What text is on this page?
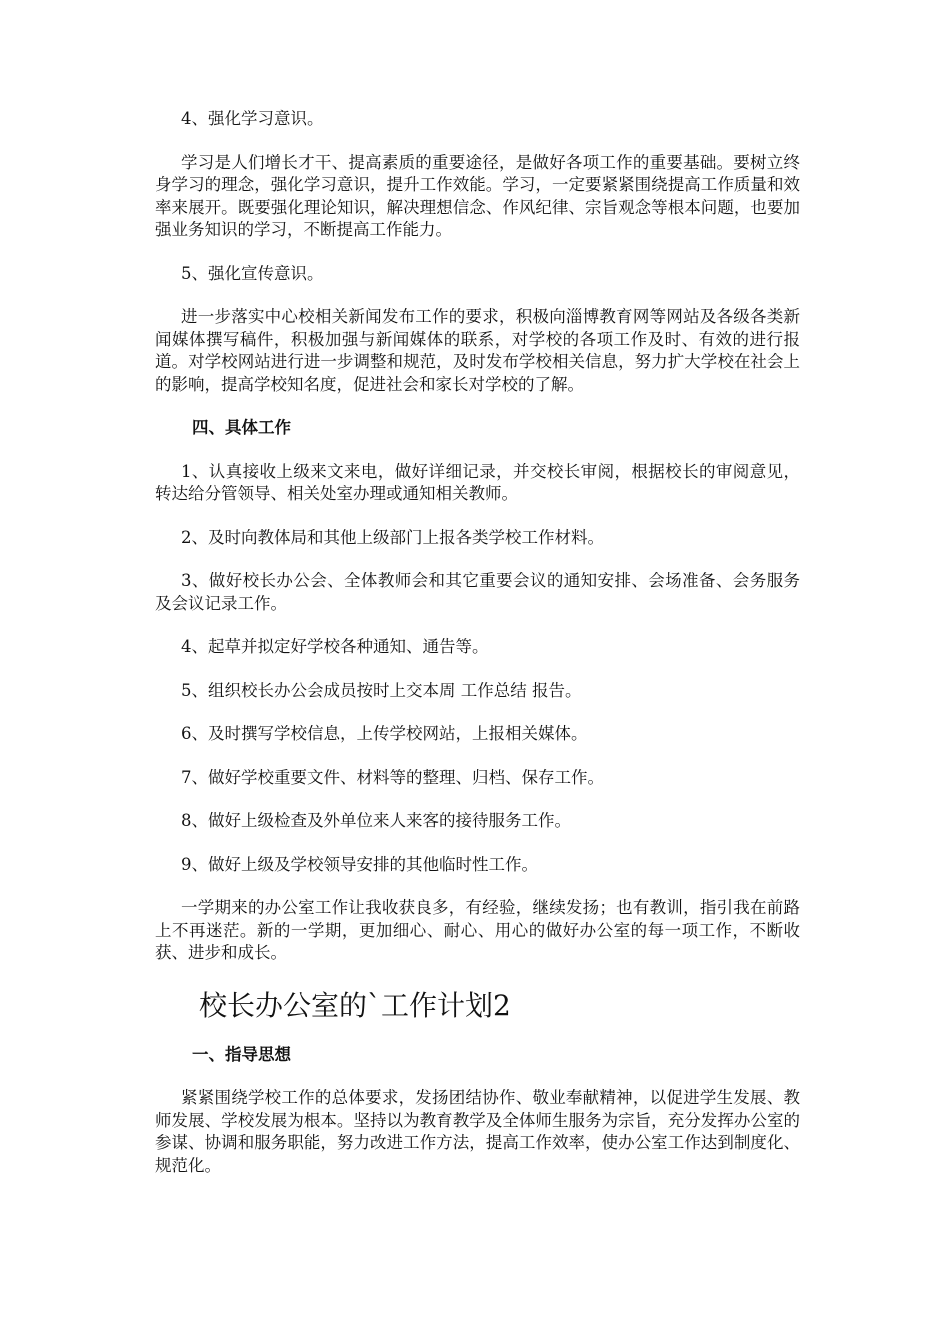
4、强化学习意识。

学习是人们增长才干、提高素质的重要途径，是做好各项工作的重要基础。要树立终身学习的理念，强化学习意识，提升工作效能。学习，一定要紧紧围绕提高工作质量和效率来展开。既要强化理论知识，解决理想信念、作风纪律、宗旨观念等根本问题，也要加强业务知识的学习，不断提高工作能力。

5、强化宣传意识。

进一步落实中心校相关新闻发布工作的要求，积极向淄博教育网等网站及各级各类新闻媒体撰写稿件，积极加强与新闻媒体的联系，对学校的各项工作及时、有效的进行报道。对学校网站进行进一步调整和规范，及时发布学校相关信息，努力扩大学校在社会上的影响，提高学校知名度，促进社会和家长对学校的了解。

四、具体工作

1、认真接收上级来文来电，做好详细记录，并交校长审阅，根据校长的审阅意见，转达给分管领导、相关处室办理或通知相关教师。

2、及时向教体局和其他上级部门上报各类学校工作材料。

3、做好校长办公会、全体教师会和其它重要会议的通知安排、会场准备、会务服务及会议记录工作。

4、起草并拟定好学校各种通知、通告等。

5、组织校长办公会成员按时上交本周 工作总结 报告。

6、及时撰写学校信息，上传学校网站，上报相关媒体。

7、做好学校重要文件、材料等的整理、归档、保存工作。

8、做好上级检查及外单位来人来客的接待服务工作。

9、做好上级及学校领导安排的其他临时性工作。

一学期来的办公室工作让我收获良多，有经验，继续发扬；也有教训，指引我在前路上不再迷茫。新的一学期，更加细心、耐心、用心的做好办公室的每一项工作，不断收获、进步和成长。

校长办公室的`工作计划2

一、指导思想

紧紧围绕学校工作的总体要求，发扬团结协作、敬业奉献精神，以促进学生发展、教师发展、学校发展为根本。坚持以为教育教学及全体师生服务为宗旨，充分发挥办公室的参谋、协调和服务职能，努力改进工作方法，提高工作效率，使办公室工作达到制度化、规范化。
